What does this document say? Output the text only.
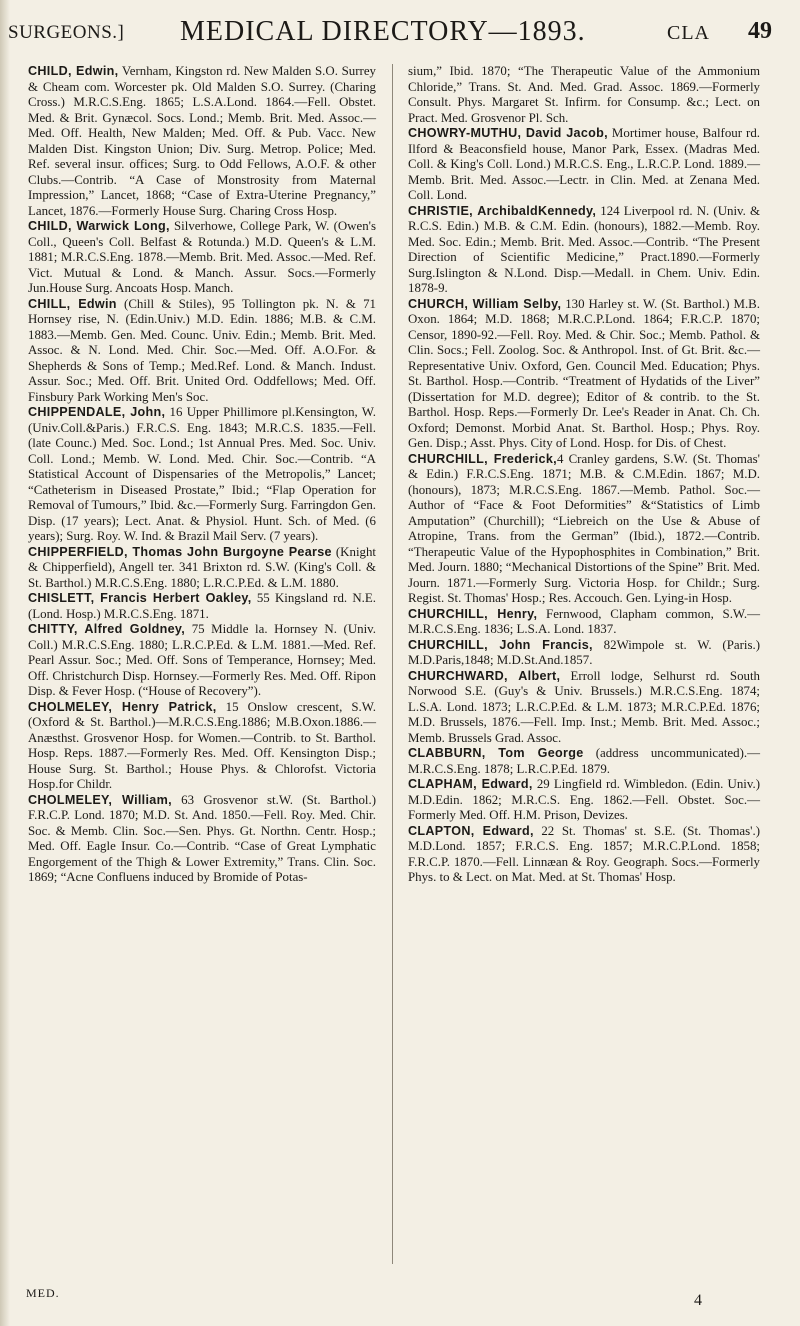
SURGEONS.] MEDICAL DIRECTORY—1893.	CLA 49

CHILD, Edwin, Vernham, Kingston rd. New Malden S.O. Surrey & Cheam com. Worcester pk. Old Malden S.O. Surrey. (Charing Cross.) M.R.C.S.Eng. 1865; L.S.A.Lond. 1864.—Fell. Obstet. Med. & Brit. Gynæcol. Socs. Lond.; Memb. Brit. Med. Assoc.—Med. Off. Health, New Malden; Med. Off. & Pub. Vacc. New Malden Dist. Kingston Union; Div. Surg. Metrop. Police; Med. Ref. several insur. offices; Surg. to Odd Fellows, A.O.F. & other Clubs.—Contrib. “A Case of Monstrosity from Maternal Impression,” Lancet, 1868; “Case of Extra-Uterine Pregnancy,” Lancet, 1876.—Formerly House Surg. Charing Cross Hosp.

CHILD, Warwick Long, Silverhowe, College Park, W. (Owen's Coll., Queen's Coll. Belfast & Rotunda.) M.D. Queen's & L.M. 1881; M.R.C.S.Eng. 1878.—Memb. Brit. Med. Assoc.—Med. Ref. Vict. Mutual & Lond. & Manch. Assur. Socs.—Formerly Jun.House Surg. Ancoats Hosp. Manch.

CHILL, Edwin (Chill & Stiles), 95 Tollington pk. N. & 71 Hornsey rise, N. (Edin.Univ.) M.D. Edin. 1886; M.B. & C.M. 1883.—Memb. Gen. Med. Counc. Univ. Edin.; Memb. Brit. Med. Assoc. & N. Lond. Med. Chir. Soc.—Med. Off. A.O.For. & Shepherds & Sons of Temp.; Med.Ref. Lond. & Manch. Indust. Assur. Soc.; Med. Off. Brit. United Ord. Oddfellows; Med. Off. Finsbury Park Working Men's Soc.

CHIPPENDALE, John, 16 Upper Phillimore pl.Kensington, W. (Univ.Coll.&Paris.) F.R.C.S. Eng. 1843; M.R.C.S. 1835.—Fell. (late Counc.) Med. Soc. Lond.; 1st Annual Pres. Med. Soc. Univ. Coll. Lond.; Memb. W. Lond. Med. Chir. Soc.—Contrib. “A Statistical Account of Dispensaries of the Metropolis,” Lancet; “Catheterism in Diseased Prostate,” Ibid.; “Flap Operation for Removal of Tumours,” Ibid. &c.—Formerly Surg. Farringdon Gen. Disp. (17 years); Lect. Anat. & Physiol. Hunt. Sch. of Med. (6 years); Surg. Roy. W. Ind. & Brazil Mail Serv. (7 years).

CHIPPERFIELD, Thomas John Burgoyne Pearse (Knight & Chipperfield), Angell ter. 341 Brixton rd. S.W. (King's Coll. & St. Barthol.) M.R.C.S.Eng. 1880; L.R.C.P.Ed. & L.M. 1880.

CHISLETT, Francis Herbert Oakley, 55 Kingsland rd. N.E. (Lond. Hosp.) M.R.C.S.Eng. 1871.

CHITTY, Alfred Goldney, 75 Middle la. Hornsey N. (Univ. Coll.) M.R.C.S.Eng. 1880; L.R.C.P.Ed. & L.M. 1881.—Med. Ref. Pearl Assur. Soc.; Med. Off. Sons of Temperance, Hornsey; Med. Off. Christchurch Disp. Hornsey.—Formerly Res. Med. Off. Ripon Disp. & Fever Hosp. (“House of Recovery”).

CHOLMELEY, Henry Patrick, 15 Onslow crescent, S.W. (Oxford & St. Barthol.)—M.R.C.S.Eng.1886; M.B.Oxon.1886.—Anæsthst. Grosvenor Hosp. for Women.—Contrib. to St. Barthol. Hosp. Reps. 1887.—Formerly Res. Med. Off. Kensington Disp.; House Surg. St. Barthol.; House Phys. & Chlorofst. Victoria Hosp.for Childr.

CHOLMELEY, William, 63 Grosvenor st.W. (St. Barthol.) F.R.C.P. Lond. 1870; M.D. St. And. 1850.—Fell. Roy. Med. Chir. Soc. & Memb. Clin. Soc.—Sen. Phys. Gt. Northn. Centr. Hosp.; Med. Off. Eagle Insur. Co.—Contrib. “Case of Great Lymphatic Engorgement of the Thigh & Lower Extremity,” Trans. Clin. Soc. 1869; “Acne Confluens induced by Bromide of Potas-

sium,” Ibid. 1870; “The Therapeutic Value of the Ammonium Chloride,” Trans. St. And. Med. Grad. Assoc. 1869.—Formerly Consult. Phys. Margaret St. Infirm. for Consump. &c.; Lect. on Pract. Med. Grosvenor Pl. Sch.

CHOWRY-MUTHU, David Jacob, Mortimer house, Balfour rd. Ilford & Beaconsfield house, Manor Park, Essex. (Madras Med. Coll. & King's Coll. Lond.) M.R.C.S. Eng., L.R.C.P. Lond. 1889.—Memb. Brit. Med. Assoc.—Lectr. in Clin. Med. at Zenana Med. Coll. Lond.

CHRISTIE, ArchibaldKennedy, 124 Liverpool rd. N. (Univ. & R.C.S. Edin.) M.B. & C.M. Edin. (honours), 1882.—Memb. Roy. Med. Soc. Edin.; Memb. Brit. Med. Assoc.—Contrib. “The Present Direction of Scientific Medicine,” Pract.1890.—Formerly Surg.Islington & N.Lond. Disp.—Medall. in Chem. Univ. Edin. 1878-9.

CHURCH, William Selby, 130 Harley st. W. (St. Barthol.) M.B. Oxon. 1864; M.D. 1868; M.R.C.P.Lond. 1864; F.R.C.P. 1870; Censor, 1890-92.—Fell. Roy. Med. & Chir. Soc.; Memb. Pathol. & Clin. Socs.; Fell. Zoolog. Soc. & Anthropol. Inst. of Gt. Brit. &c.—Representative Univ. Oxford, Gen. Council Med. Education; Phys. St. Barthol. Hosp.—Contrib. “Treatment of Hydatids of the Liver” (Dissertation for M.D. degree); Editor of & contrib. to the St. Barthol. Hosp. Reps.—Formerly Dr. Lee's Reader in Anat. Ch. Ch. Oxford; Demonst. Morbid Anat. St. Barthol. Hosp.; Phys. Roy. Gen. Disp.; Asst. Phys. City of Lond. Hosp. for Dis. of Chest.

CHURCHILL, Frederick,4 Cranley gardens, S.W. (St. Thomas' & Edin.) F.R.C.S.Eng. 1871; M.B. & C.M.Edin. 1867; M.D. (honours), 1873; M.R.C.S.Eng. 1867.—Memb. Pathol. Soc.—Author of “Face & Foot Deformities” &“Statistics of Limb Amputation” (Churchill); “Liebreich on the Use & Abuse of Atropine, Trans. from the German” (Ibid.), 1872.—Contrib. “Therapeutic Value of the Hypophosphites in Combination,” Brit. Med. Journ. 1880; “Mechanical Distortions of the Spine” Brit. Med. Journ. 1871.—Formerly Surg. Victoria Hosp. for Childr.; Surg. Regist. St. Thomas' Hosp.; Res. Accouch. Gen. Lying-in Hosp.

CHURCHILL, Henry, Fernwood, Clapham common, S.W.—M.R.C.S.Eng. 1836; L.S.A. Lond. 1837.

CHURCHILL, John Francis, 82Wimpole st. W. (Paris.) M.D.Paris,1848; M.D.St.And.1857.

CHURCHWARD, Albert, Erroll lodge, Selhurst rd. South Norwood S.E. (Guy's & Univ. Brussels.) M.R.C.S.Eng. 1874; L.S.A. Lond. 1873; L.R.C.P.Ed. & L.M. 1873; M.R.C.P.Ed. 1876; M.D. Brussels, 1876.—Fell. Imp. Inst.; Memb. Brit. Med. Assoc.; Memb. Brussels Grad. Assoc.

CLABBURN, Tom George (address uncommunicated).—M.R.C.S.Eng. 1878; L.R.C.P.Ed. 1879.

CLAPHAM, Edward, 29 Lingfield rd. Wimbledon. (Edin. Univ.) M.D.Edin. 1862; M.R.C.S. Eng. 1862.—Fell. Obstet. Soc.—Formerly Med. Off. H.M. Prison, Devizes.

CLAPTON, Edward, 22 St. Thomas' st. S.E. (St. Thomas'.) M.D.Lond. 1857; F.R.C.S. Eng. 1857; M.R.C.P.Lond. 1858; F.R.C.P. 1870.—Fell. Linnæan & Roy. Geograph. Socs.—Formerly Phys. to & Lect. on Mat. Med. at St. Thomas' Hosp.

MED.	4
